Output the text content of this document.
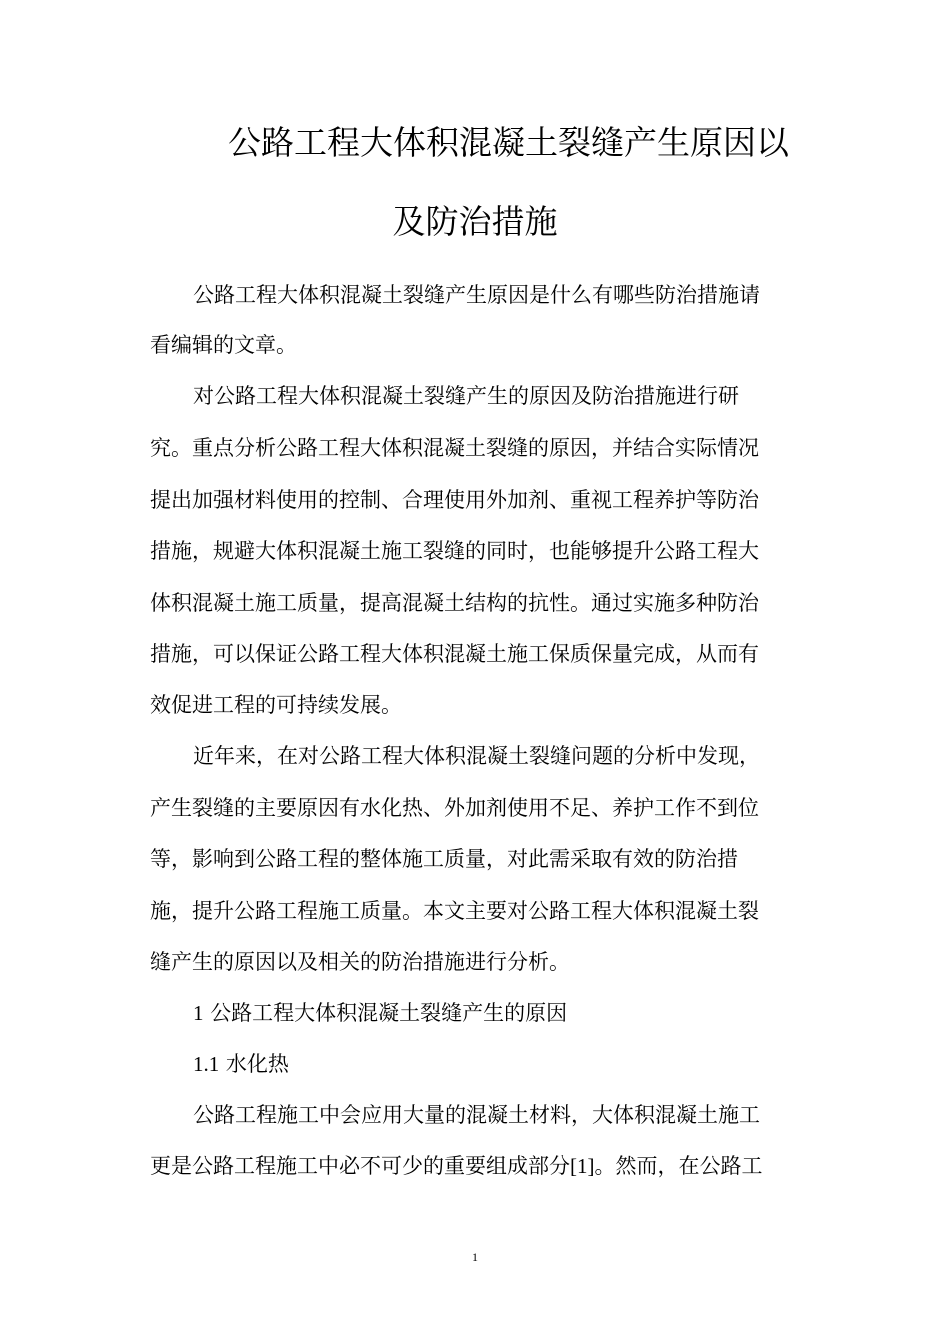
公路工程大体积混凝土裂缝产生原因以
及防治措施

公路工程大体积混凝土裂缝产生原因是什么有哪些防治措施请

看编辑的文章。

对公路工程大体积混凝土裂缝产生的原因及防治措施进行研

究。重点分析公路工程大体积混凝土裂缝的原因，并结合实际情况

提出加强材料使用的控制、合理使用外加剂、重视工程养护等防治

措施，规避大体积混凝土施工裂缝的同时，也能够提升公路工程大

体积混凝土施工质量，提高混凝土结构的抗性。通过实施多种防治

措施，可以保证公路工程大体积混凝土施工保质保量完成，从而有

效促进工程的可持续发展。

近年来，在对公路工程大体积混凝土裂缝问题的分析中发现，

产生裂缝的主要原因有水化热、外加剂使用不足、养护工作不到位

等，影响到公路工程的整体施工质量，对此需采取有效的防治措

施，提升公路工程施工质量。本文主要对公路工程大体积混凝土裂

缝产生的原因以及相关的防治措施进行分析。

1 公路工程大体积混凝土裂缝产生的原因

1.1 水化热

公路工程施工中会应用大量的混凝土材料，大体积混凝土施工

更是公路工程施工中必不可少的重要组成部分[1]。然而，在公路工

1
